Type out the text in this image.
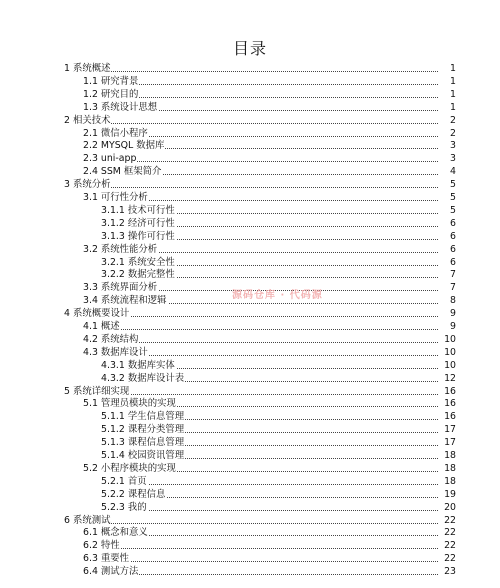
目录
1 系统概述	1
1.1 研究背景	1
1.2 研究目的	1
1.3 系统设计思想	1
2 相关技术	2
2.1 微信小程序	2
2.2 MYSQL 数据库	3
2.3 uni-app	3
2.4 SSM 框架简介	4
3 系统分析	5
3.1 可行性分析	5
3.1.1 技术可行性	5
3.1.2 经济可行性	6
3.1.3 操作可行性	6
3.2 系统性能分析	6
3.2.1 系统安全性	6
3.2.2 数据完整性	7
3.3 系统界面分析	7
3.4 系统流程和逻辑	8
4 系统概要设计	9
4.1 概述	9
4.2 系统结构	10
4.3 数据库设计	10
4.3.1 数据库实体	10
4.3.2 数据库设计表	12
5 系统详细实现	16
5.1 管理员模块的实现	16
5.1.1 学生信息管理	16
5.1.2 课程分类管理	17
5.1.3 课程信息管理	17
5.1.4 校园资讯管理	18
5.2 小程序模块的实现	18
5.2.1 首页	18
5.2.2 课程信息	19
5.2.3 我的	20
6 系统测试	22
6.1 概念和意义	22
6.2 特性	22
6.3 重要性	22
6.4 测试方法	23
源码仓库 · 代码源
